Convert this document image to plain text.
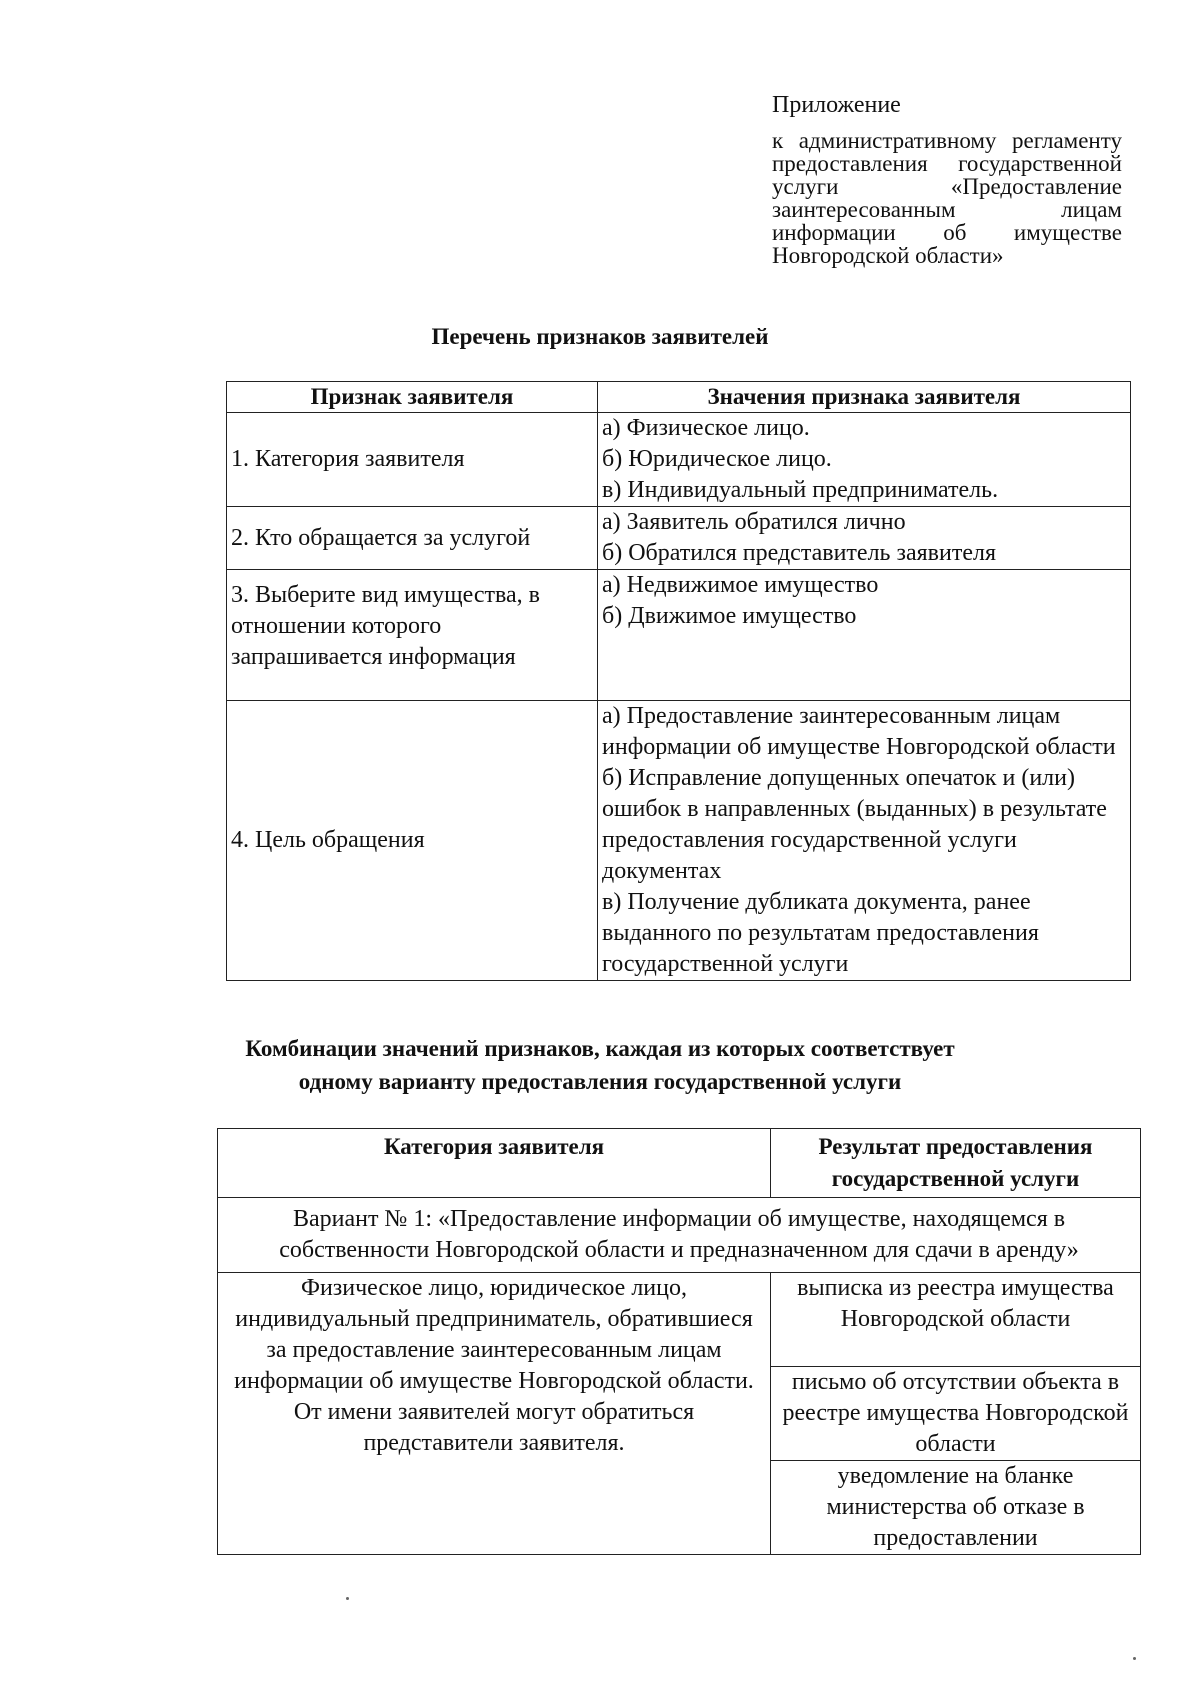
Приложение
к административному регламенту предоставления государственной услуги «Предоставление заинтересованным лицам информации об имуществе Новгородской области»
Перечень признаков заявителей
Признак заявителя	Значения признака заявителя
1. Категория заявителя	а) Физическое лицо.
б) Юридическое лицо.
в) Индивидуальный предприниматель.

2. Кто обращается за услугой	а) Заявитель обратился лично
б) Обратился представитель заявителя

3. Выберите вид имущества, в отношении которого запрашивается информация	а) Недвижимое имущество
б) Движимое имущество

4. Цель обращения	а) Предоставление заинтересованным лицам информации об имуществе Новгородской области
б) Исправление допущенных опечаток и (или) ошибок в направленных (выданных) в результате предоставления государственной услуги документах
в) Получение дубликата документа, ранее выданного по результатам предоставления государственной услуги
Комбинации значений признаков, каждая из которых соответствует одному варианту предоставления государственной услуги
Категория заявителя	Результат предоставления государственной услуги
Вариант № 1: «Предоставление информации об имуществе, находящемся в собственности Новгородской области и предназначенном для сдачи в аренду»	
Физическое лицо, юридическое лицо, индивидуальный предприниматель, обратившиеся за предоставление заинтересованным лицам информации об имуществе Новгородской области. От имени заявителей могут обратиться представители заявителя.	выписка из реестра имущества Новгородской области
	письмо об отсутствии объекта в реестре имущества Новгородской области
	уведомление на бланке министерства об отказе в предоставлении
